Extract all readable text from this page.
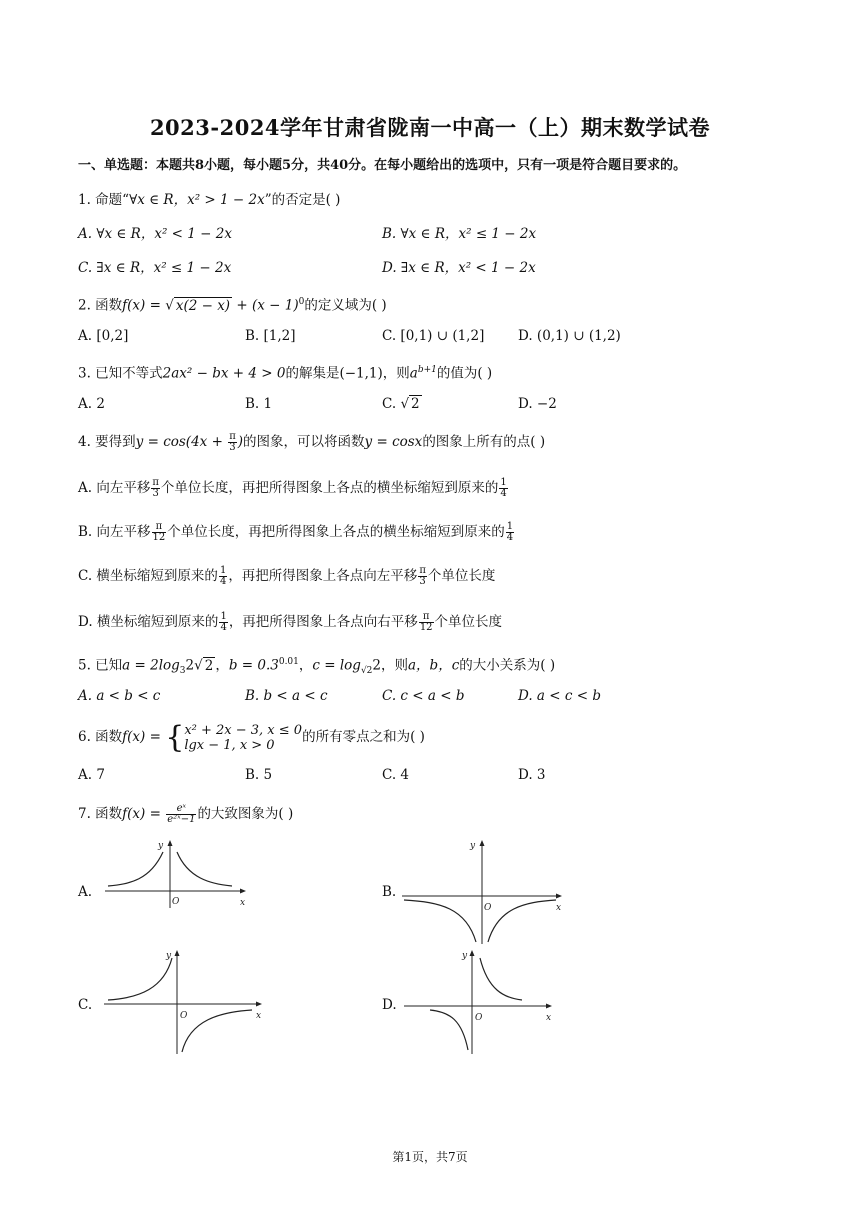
2023-2024学年甘肃省陇南一中高一（上）期末数学试卷
一、单选题：本题共8小题，每小题5分，共40分。在每小题给出的选项中，只有一项是符合题目要求的。
1. 命题“∀x ∈ R，x² > 1 − 2x”的否定是( )
A. ∀x ∈ R，x² < 1 − 2x	B. ∀x ∈ R，x² ≤ 1 − 2x
C. ∃x ∈ R，x² ≤ 1 − 2x	D. ∃x ∈ R，x² < 1 − 2x
2. 函数f(x) = √ $x(2 - x) + (x - 1)^0$的定义域为( )
A. [0,2]	B. [1,2]	C. [0,1) ∪ (1,2] D. (0,1) ∪ (1,2)
3. 已知不等式2ax² − bx + 4 > 0的解集是(−1,1)，则$a^{b+1}$的值为( )
A. 2	B. 1	C. √ 2	D. −2
4. 要得到$y = \cos(4x + \frac{\pi}{3}$ )的图象，可以将函数y = cosx的图象上所有的点( )
A. 向左平移 $\frac{\pi}{3}$ 个单位长度，再把所得图象上各点的横坐标缩短到原来的 $\frac{1}{4}$
B. 向左平移 $\frac{\pi}{12}$ 个单位长度，再把所得图象上各点的横坐标缩短到原来的 $\frac{1}{4}$
C. 横坐标缩短到原来的 $\frac{1}{4}$ ，再把所得图象上各点向左平移 $\frac{\pi}{3}$ 个单位长度
D. 横坐标缩短到原来的 $\frac{1}{4}$ ，再把所得图象上各点向右平移 $\frac{\pi}{12}$ 个单位长度
5. 已知$a = 2\log_32√$ 2 ，$b = 0.3^{0.01}$，$c = \log_{√2}2$，则a，b，c的大小关系为( )
A. a < b < c	B. b < a < c	C. c < a < b	D. a < c < b
6. 函数f(x) = { x² + 2x − 3, x ≤ 0
lgx − 1, x > 0	的所有零点之和为( )
A. 7	B. 5	C. 4	D. 3
7. 函数$f(x) = \frac{\text{eˣ}}{\text{e²ˣ−1}}$ 的大致图象为( )
A.
y
O	x
B.
y
O	x
C.
y
O	x
D.
y
O	x
第1页，共7页
